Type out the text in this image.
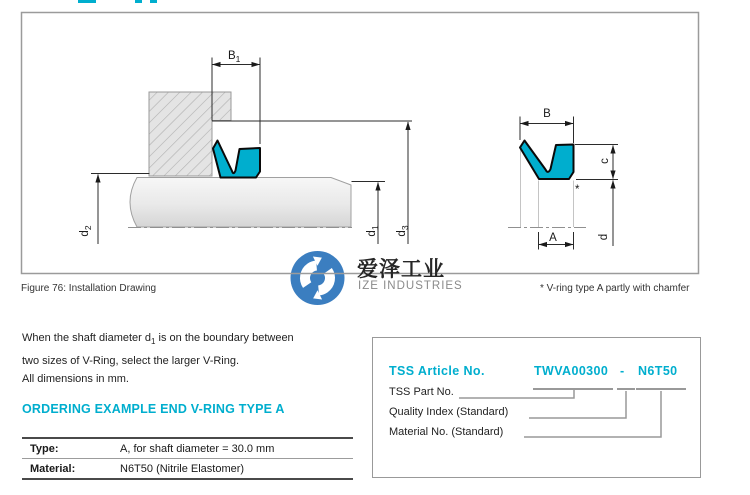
$B_1$
$d_2$
$d_1$
$d_3$
B
c
*
d
A
爱泽工业
IZE INDUSTRIES
Figure 76: Installation Drawing	* V-ring type A partly with chamfer
When the shaft diameter $d_1$ is on the boundary between
two sizes of V-Ring, select the larger V-Ring.
All dimensions in mm.
ORDERING EXAMPLE END V-RING TYPE A
Type:	A, for shaft diameter = 30.0 mm
Material:	N6T50 (Nitrile Elastomer)
TSS Article No.	TWVA00300 - N6T50
TSS Part No.
Quality Index (Standard)
Material No. (Standard)
